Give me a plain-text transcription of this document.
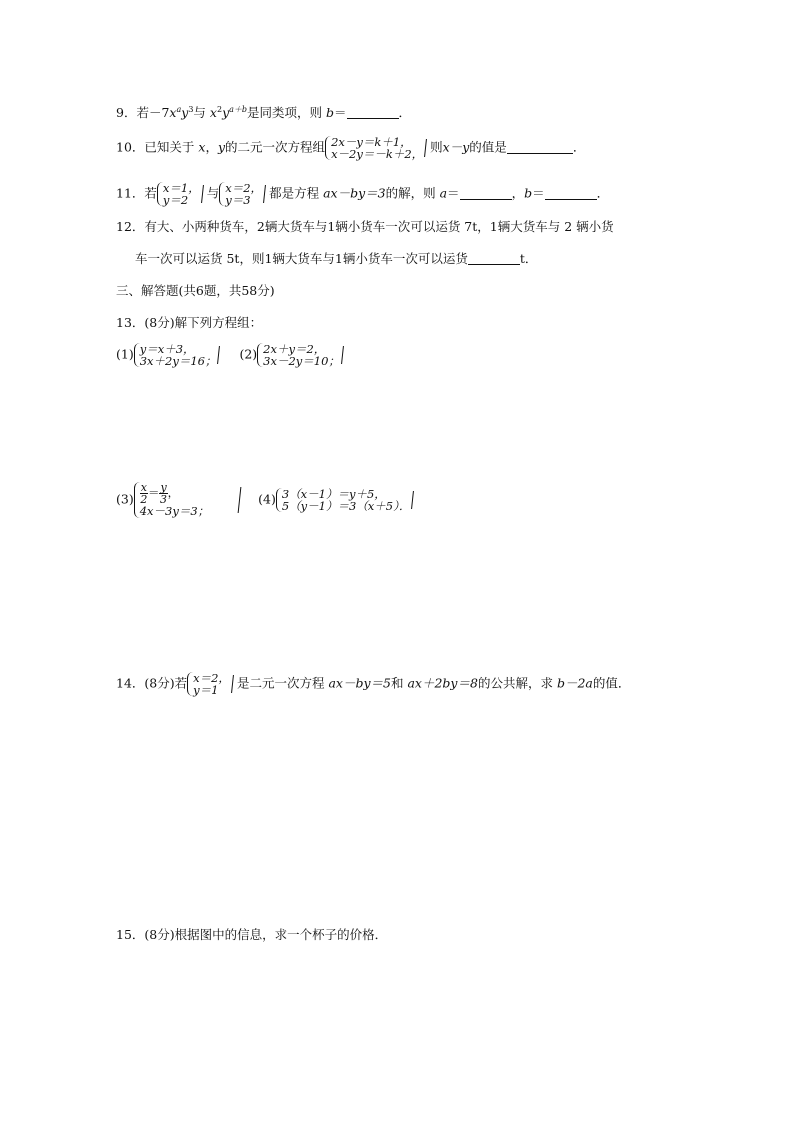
9．若$-7x^ay^3$与 $x^2y^{a+b}$是同类项，则 b＝	．
10．已知关于 x，y的二元一次方程组 2x－y＝k＋1，
x－2y＝－k＋2， 则x－y的值是	．
11．若 x＝1，
y＝2	与 x＝2，
y＝3	都是方程 ax－by＝3的解，则 a＝	，b＝	．
12．有大、小两种货车，2辆大货车与1辆小货车一次可以运货 7t，1辆大货车与 2 辆小货
车一次可以运货 5t，则1辆大货车与1辆小货车一次可以运货	t．
三、解答题(共6题，共58分)
13．(8分)解下列方程组：
(1) y＝x＋3，
3x＋2y＝16； (2) 2x＋y＝2，
3x－2y＝10；
$(3) \frac{x}{2} = \frac{y}{3}$ ，
4x－3y＝3；
(4) 3（x－1）＝y＋5，
5（y－1）＝3（x＋5）．
14．(8分)若 x＝2，
y＝1	是二元一次方程 ax－by＝5和 ax＋2by＝8的公共解，求 b－2a的值．
15．(8分)根据图中的信息，求一个杯子的价格．
